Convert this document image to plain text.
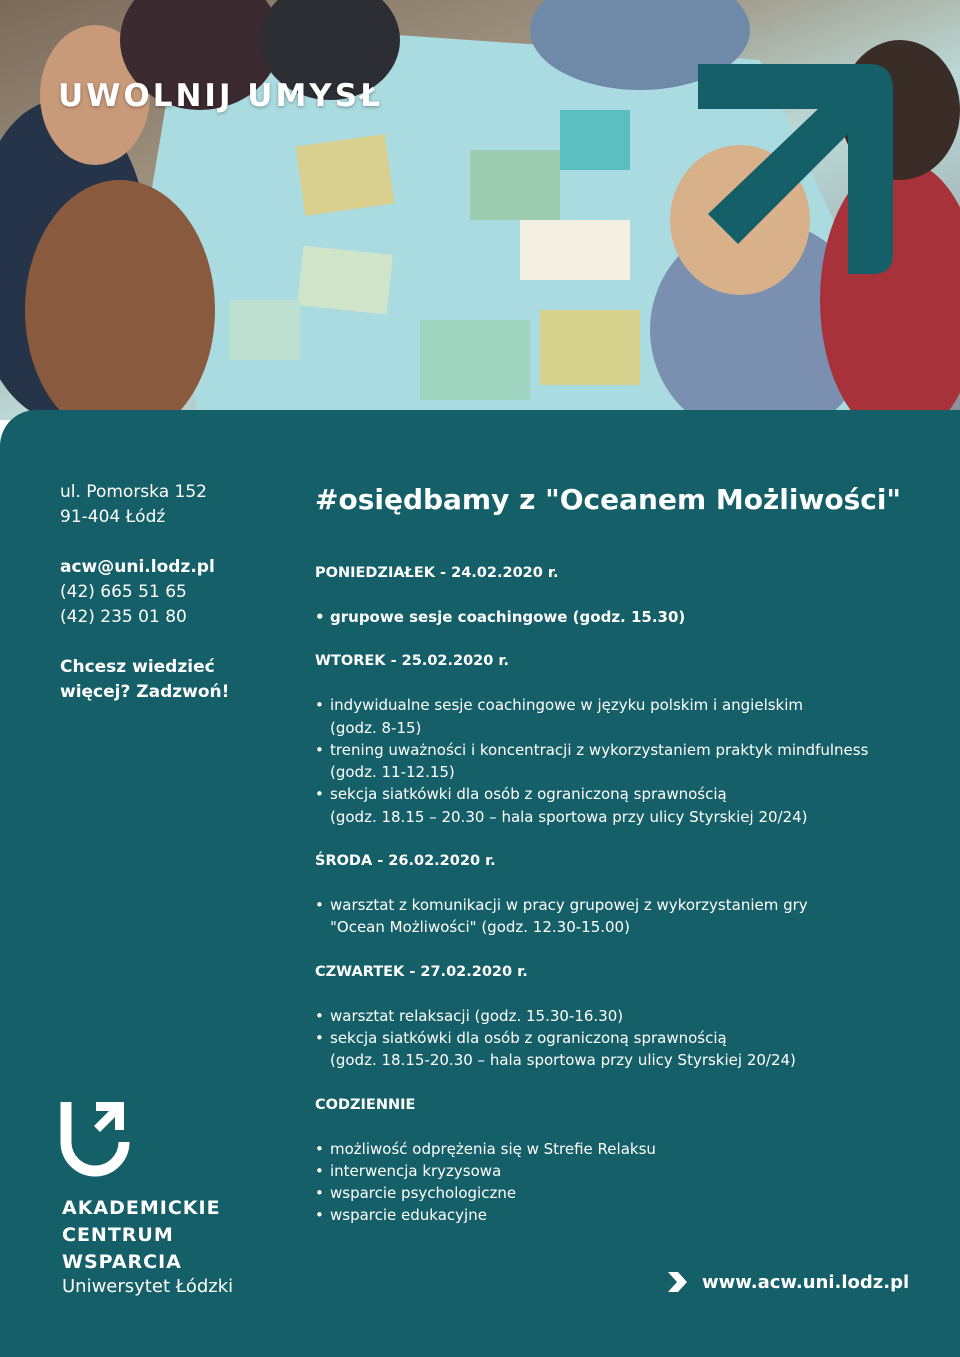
UWOLNIJ UMYSŁ
ul. Pomorska 152
91-404 Łódź
acw@uni.lodz.pl
(42) 665 51 65
(42) 235 01 80
Chcesz wiedzieć
więcej? Zadzwoń!
AKADEMICKIE
CENTRUM
WSPARCIA
Uniwersytet Łódzki
#osiędbamy z "Oceanem Możliwości"
PONIEDZIAŁEK - 24.02.2020 r.
• grupowe sesje coachingowe (godz. 15.30)
WTOREK - 25.02.2020 r.
• indywidualne sesje coachingowe w języku polskim i angielskim
(godz. 8-15)
• trening uważności i koncentracji z wykorzystaniem praktyk mindfulness
(godz. 11-12.15)
• sekcja siatkówki dla osób z ograniczoną sprawnością
(godz. 18.15 – 20.30 – hala sportowa przy ulicy Styrskiej 20/24)
ŚRODA - 26.02.2020 r.
• warsztat z komunikacji w pracy grupowej z wykorzystaniem gry
"Ocean Możliwości" (godz. 12.30-15.00)
CZWARTEK - 27.02.2020 r.
• warsztat relaksacji (godz. 15.30-16.30)
• sekcja siatkówki dla osób z ograniczoną sprawnością
(godz. 18.15-20.30 – hala sportowa przy ulicy Styrskiej 20/24)
CODZIENNIE
• możliwość odprężenia się w Strefie Relaksu
• interwencja kryzysowa
• wsparcie psychologiczne
• wsparcie edukacyjne
www.acw.uni.lodz.pl
